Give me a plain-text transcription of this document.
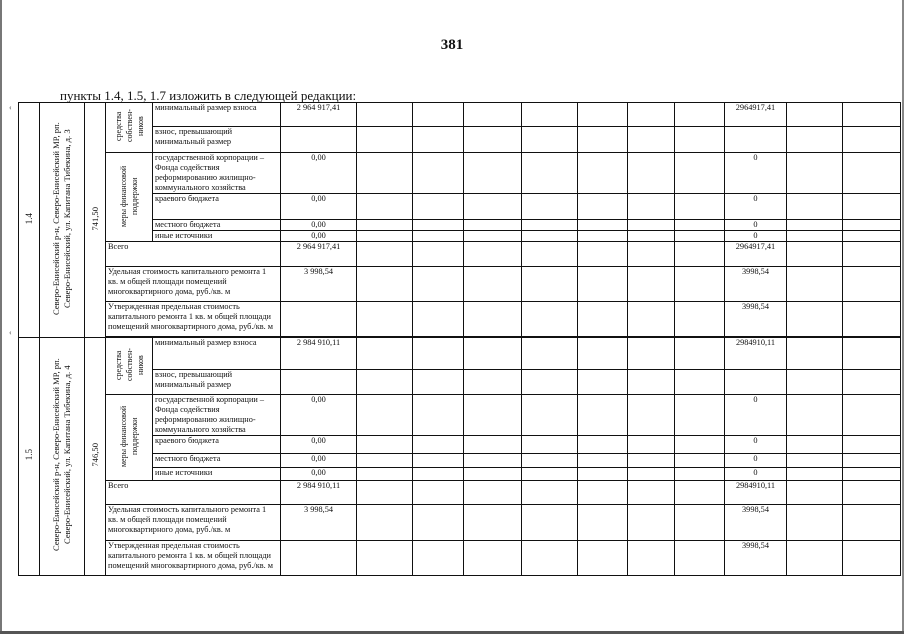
381
пункты 1.4, 1.5, 1.7 изложить в следующей редакции:
‹
‹
1.4	Северо-Енисейский р-н, Северо-Енисейский МР, рп. Северо-Енисейский, ул. Капитана Тибекина, д. 3	741,50	средства собствен-ников	минимальный размер взноса	2 964 917,41								2964917,41		
				взнос, превышающий минимальный размер											
			меры финансовой поддержки	государственной корпорации – Фонда содействия реформированию жилищно-коммунального хозяйства	0,00								0		
				краевого бюджета	0,00								0		
				местного бюджета	0,00								0		
				иные источники	0,00								0		
			Всего		2 964 917,41								2964917,41		
			Удельная стоимость капитального ремонта 1 кв. м общей площади помещений многоквартирного дома, руб./кв. м		3 998,54								3998,54		
			Утвержденная предельная стоимость капитального ремонта 1 кв. м общей площади помещений многоквартирного дома, руб./кв. м										3998,54		

1.5	Северо-Енисейский р-н, Северо-Енисейский МР, рп. Северо-Енисейский, ул. Капитана Тибекина, д. 4	746,50	средства собствен-ников	минимальный размер взноса	2 984 910,11								2984910,11		
				взнос, превышающий минимальный размер											
			меры финансовой поддержки	государственной корпорации – Фонда содействия реформированию жилищно-коммунального хозяйства	0,00								0		
				краевого бюджета	0,00								0		
				местного бюджета	0,00								0		
				иные источники	0,00								0		
			Всего		2 984 910,11								2984910,11		
			Удельная стоимость капитального ремонта 1 кв. м общей площади помещений многоквартирного дома, руб./кв. м		3 998,54								3998,54		
			Утвержденная предельная стоимость капитального ремонта 1 кв. м общей площади помещений многоквартирного дома, руб./кв. м										3998,54		
